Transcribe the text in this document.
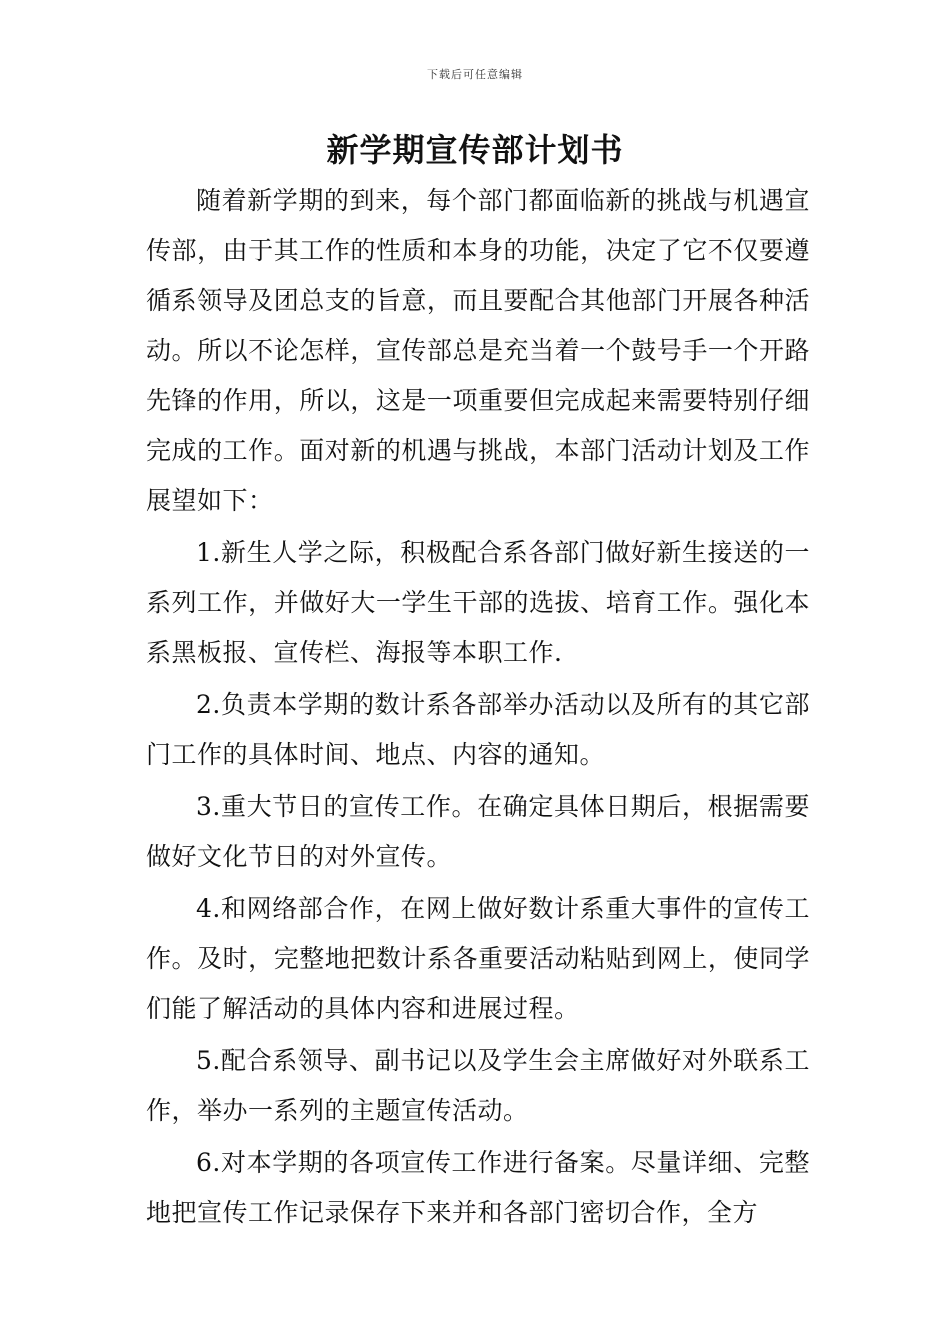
下载后可任意编辑
新学期宣传部计划书

随着新学期的到来，每个部门都面临新的挑战与机遇宣传部，由于其工作的性质和本身的功能，决定了它不仅要遵循系领导及团总支的旨意，而且要配合其他部门开展各种活动。所以不论怎样，宣传部总是充当着一个鼓号手一个开路先锋的作用，所以，这是一项重要但完成起来需要特别仔细完成的工作。面对新的机遇与挑战，本部门活动计划及工作展望如下：

1.新生人学之际，积极配合系各部门做好新生接送的一系列工作，并做好大一学生干部的选拔、培育工作。强化本系黑板报、宣传栏、海报等本职工作.

2.负责本学期的数计系各部举办活动以及所有的其它部门工作的具体时间、地点、内容的通知。

3.重大节日的宣传工作。在确定具体日期后，根据需要做好文化节日的对外宣传。

4.和网络部合作，在网上做好数计系重大事件的宣传工作。及时，完整地把数计系各重要活动粘贴到网上，使同学们能了解活动的具体内容和进展过程。

5.配合系领导、副书记以及学生会主席做好对外联系工作，举办一系列的主题宣传活动。

6.对本学期的各项宣传工作进行备案。尽量详细、完整地把宣传工作记录保存下来并和各部门密切合作，全方
